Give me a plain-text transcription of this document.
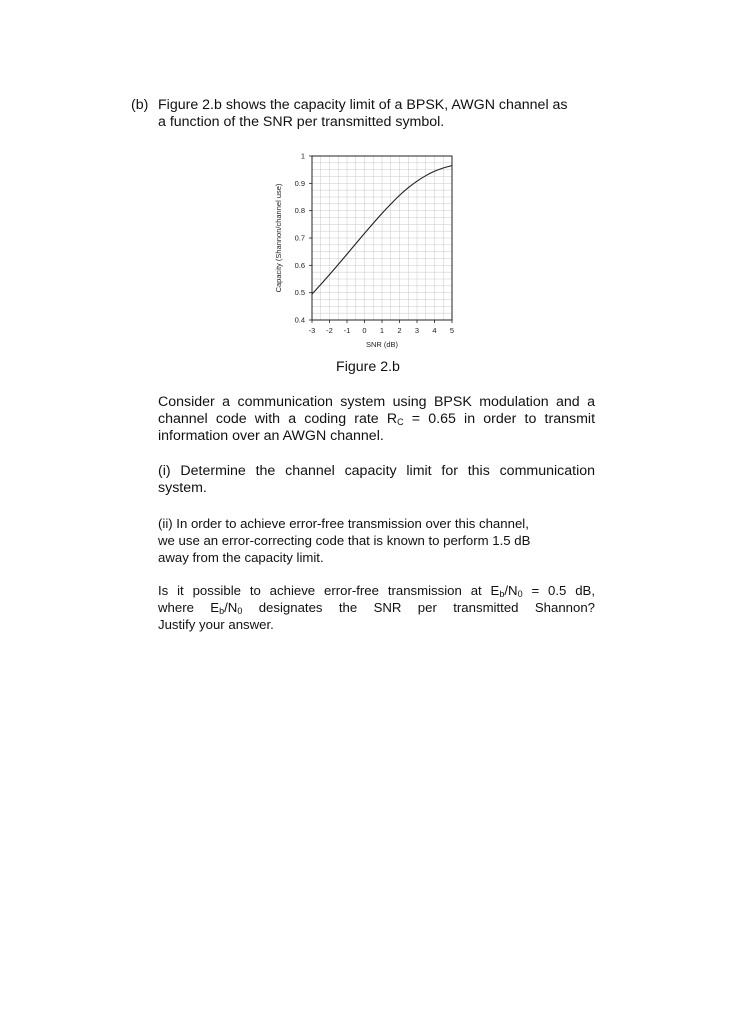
(b) Figure 2.b shows the capacity limit of a BPSK, AWGN channel as
a function of the SNR per transmitted symbol.
0.4
0.5
0.6
0.7
0.8
0.9
1
-3 -2 -1 0 1 2 3 4 5
SNR (dB)
Capacity (Shannon/channel use)
Figure 2.b
Consider a communication system using BPSK modulation and a
channel code with a coding rate $R_C = 0.65$ in order to transmit
information over an AWGN channel.
(i) Determine the channel capacity limit for this communication
system.
(ii) In order to achieve error-free transmission over this channel,
we use an error-correcting code that is known to perform 1.5 dB
away from the capacity limit.
Is it possible to achieve error-free transmission at $E_b/N_0 = 0.5$ dB,
where $E_b/N_0$ designates the SNR per transmitted Shannon?
Justify your answer.
